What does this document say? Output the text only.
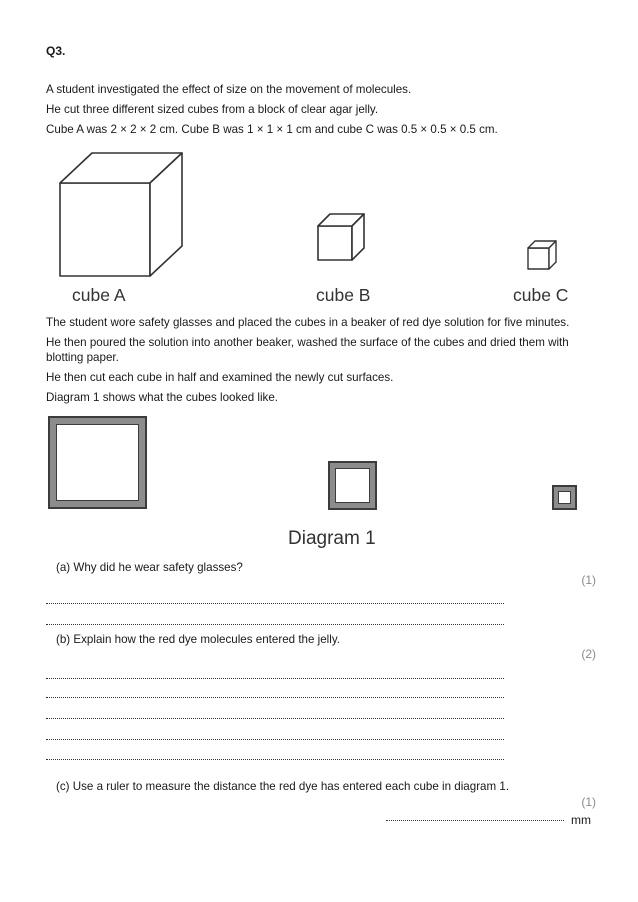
Q3.
A student investigated the effect of size on the movement of molecules.
He cut three different sized cubes from a block of clear agar jelly.
Cube A was 2 × 2 × 2 cm. Cube B was 1 × 1 × 1 cm and cube C was 0.5 × 0.5 × 0.5 cm.
cube A	cube B	cube C
The student wore safety glasses and placed the cubes in a beaker of red dye solution for five minutes.
He then poured the solution into another beaker, washed the surface of the cubes and dried them with
blotting paper.
He then cut each cube in half and examined the newly cut surfaces.
Diagram 1 shows what the cubes looked like.
Diagram 1
(a) Why did he wear safety glasses?
(1)
(b) Explain how the red dye molecules entered the jelly.
(2)
(c) Use a ruler to measure the distance the red dye has entered each cube in diagram 1.
(1)
mm
